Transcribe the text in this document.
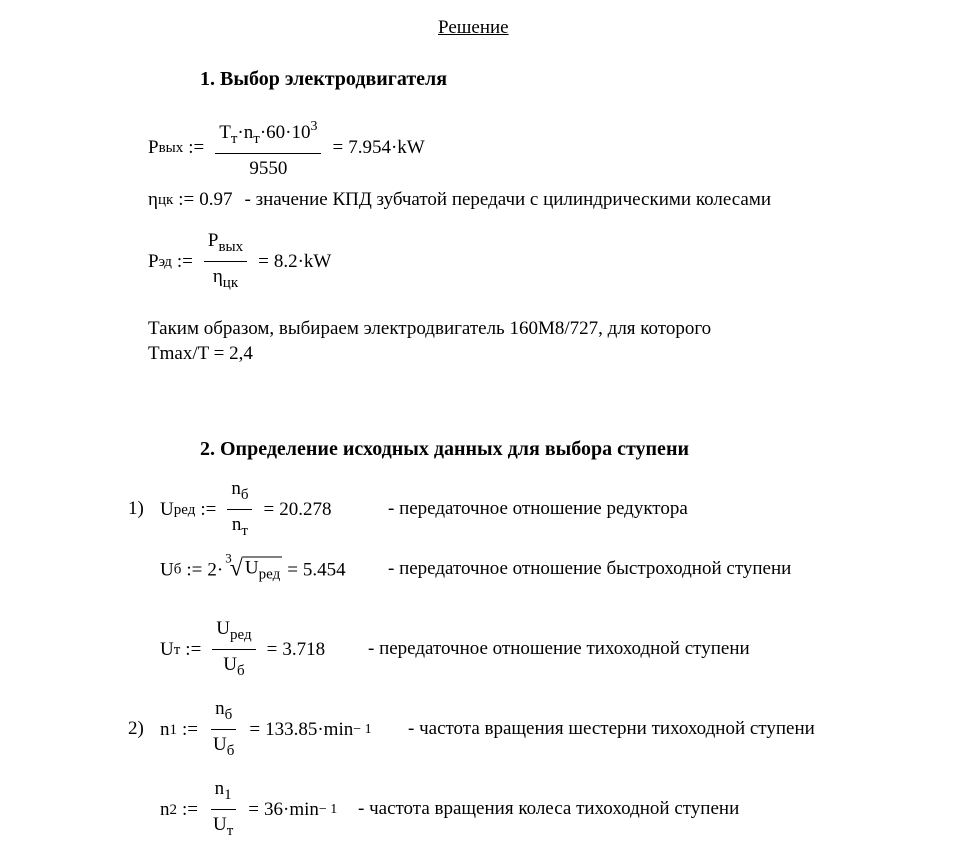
Решение
1. Выбор электродвигателя
P вых := $\frac{T_т\cdot n_т\cdot 60\cdot 10^3}{9550} = 7.954\cdot kW$
η цк := 0.97 - значение КПД зубчатой передачи с цилиндрическими колесами
P эд := $\frac{P_{вых}}{\eta_{цк}} = 8.2\cdot kW$
Таким образом, выбираем электродвигатель 160M8/727, для которого
Tmax/T = 2,4
2. Определение исходных данных для выбора ступени
1) U ред := $\frac{n_б}{n_т} = 20.278$	- передаточное отношение редуктора
U б := 2·
3
√ $U_{ред} = 5.454$ - передаточное отношение быстроходной ступени
U т := $\frac{U_{ред}}{U_б} = 3.718$ - передаточное отношение тихоходной ступени
2) n 1 := $\frac{n_б}{U_б} = 133.85\cdot\min - 1$ - частота вращения шестерни тихоходной ступени
n 2 := $\frac{n_1}{U_т} = 36\cdot\min - 1$ - частота вращения колеса тихоходной ступени
